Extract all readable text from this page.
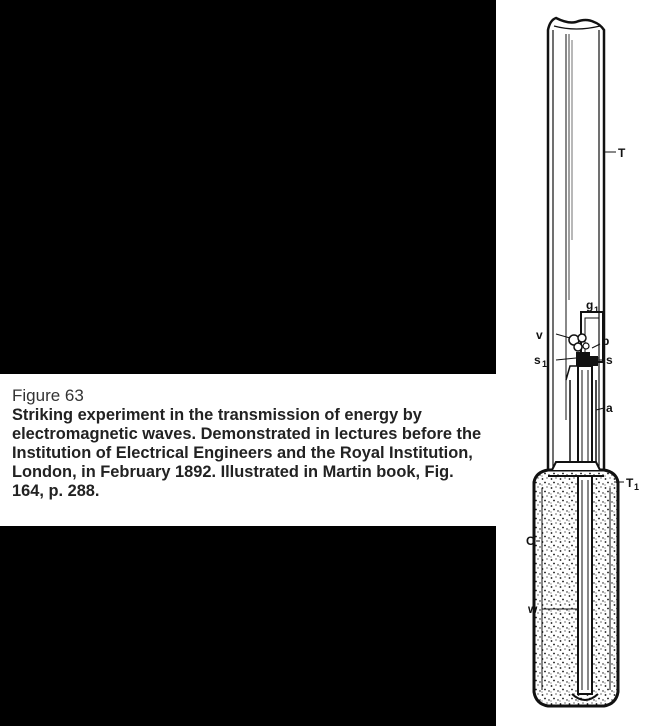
Figure 63

Striking experiment in the transmission of energy by electromagnetic waves. Demonstrated in lectures before the Institution of Electrical Engineers and the Royal Institution, London, in February 1892. Illustrated in Martin book, Fig. 164, p. 288.

T
g 1
v	p
s 1	s
a
T 1
C
w
